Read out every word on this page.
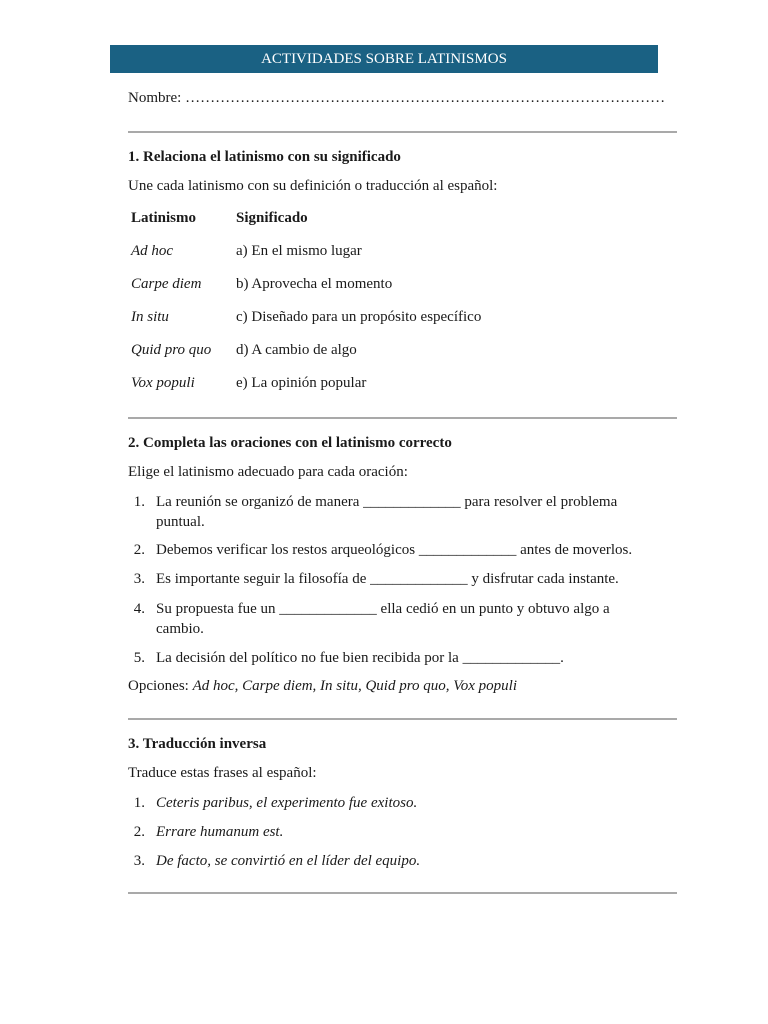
ACTIVIDADES SOBRE LATINISMOS
Nombre: ……………………………………………………………………………………
1. Relaciona el latinismo con su significado
Une cada latinismo con su definición o traducción al español:
Latinismo	Significado
Ad hoc	a) En el mismo lugar
Carpe diem b) Aprovecha el momento
In situ	c) Diseñado para un propósito específico
Quid pro quo d) A cambio de algo
Vox populi	e) La opinión popular
2. Completa las oraciones con el latinismo correcto
Elige el latinismo adecuado para cada oración:
1. La reunión se organizó de manera _____________ para resolver el problema puntual.
2. Debemos verificar los restos arqueológicos _____________ antes de moverlos.
3. Es importante seguir la filosofía de _____________ y disfrutar cada instante.
4. Su propuesta fue un _____________ ella cedió en un punto y obtuvo algo a cambio.
5. La decisión del político no fue bien recibida por la _____________.
Opciones: Ad hoc, Carpe diem, In situ, Quid pro quo, Vox populi
3. Traducción inversa
Traduce estas frases al español:
1. Ceteris paribus, el experimento fue exitoso.
2. Errare humanum est.
3. De facto, se convirtió en el líder del equipo.
